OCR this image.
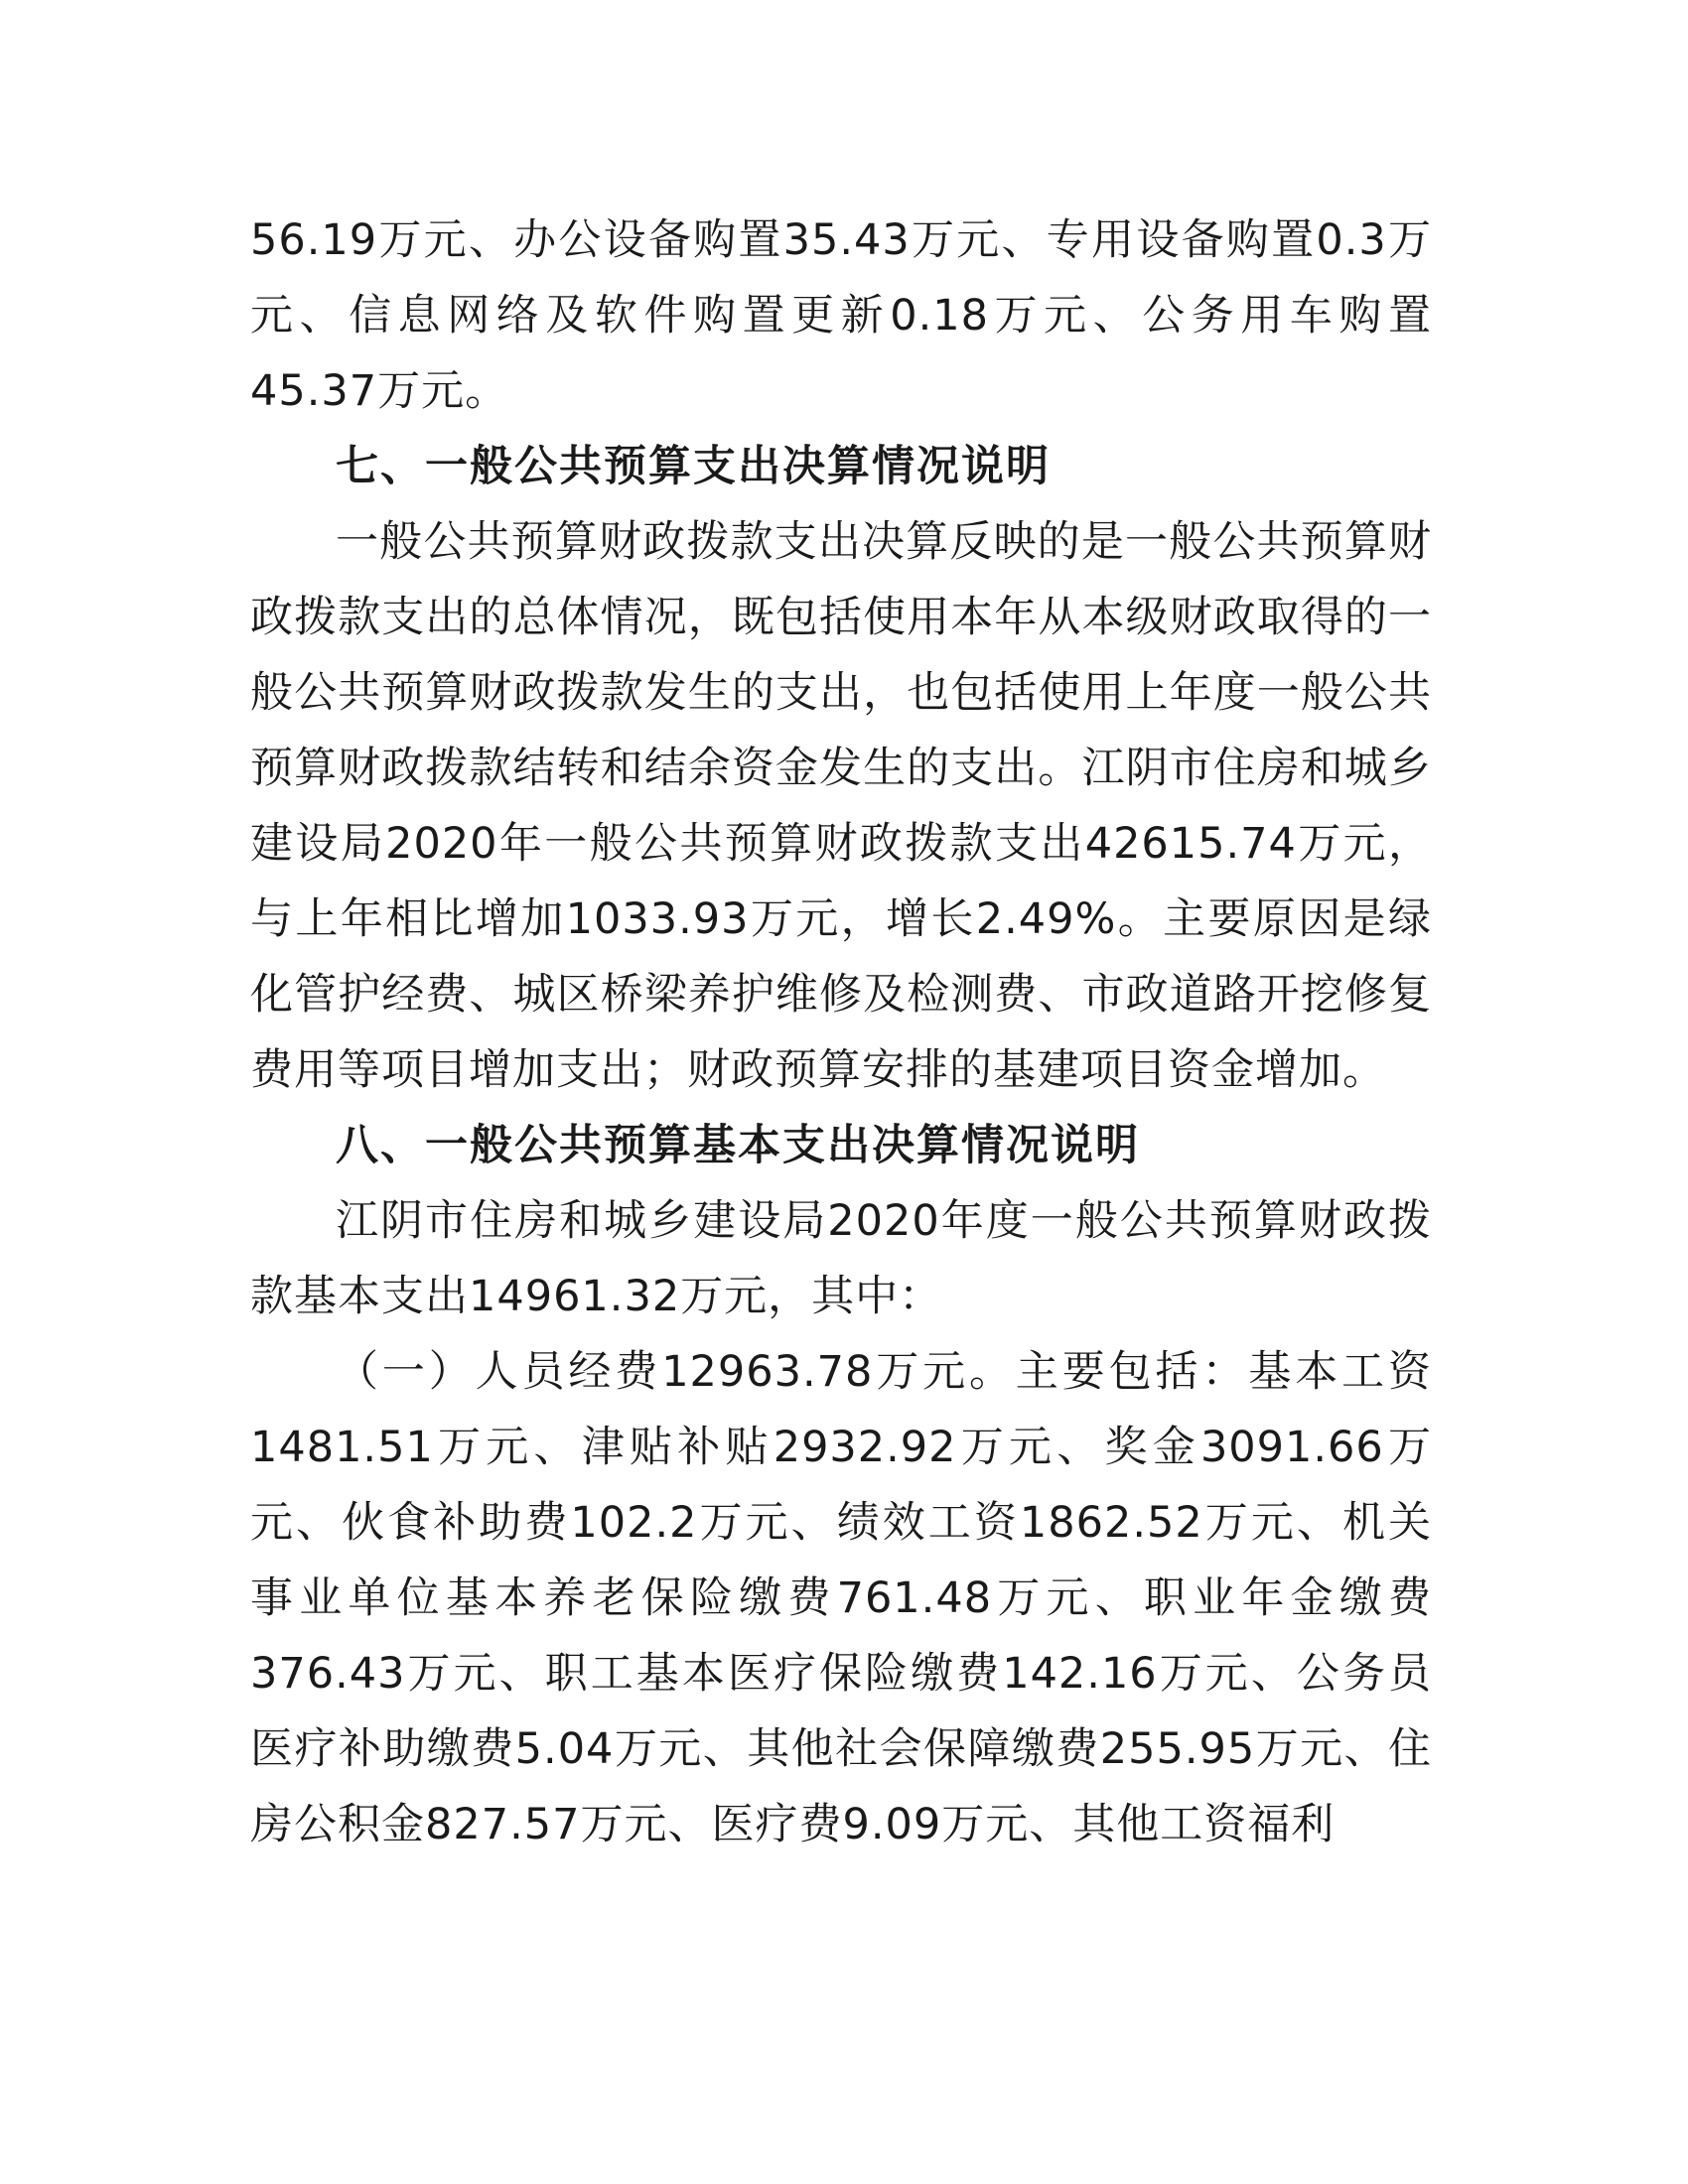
56.19万元、办公设备购置35.43万元、专用设备购置0.3万元、信息网络及软件购置更新0.18万元、公务用车购置45.37万元。

七、一般公共预算支出决算情况说明

一般公共预算财政拨款支出决算反映的是一般公共预算财政拨款支出的总体情况，既包括使用本年从本级财政取得的一般公共预算财政拨款发生的支出，也包括使用上年度一般公共预算财政拨款结转和结余资金发生的支出。江阴市住房和城乡建设局2020年一般公共预算财政拨款支出42615.74万元，与上年相比增加1033.93万元，增长2.49%。主要原因是绿化管护经费、城区桥梁养护维修及检测费、市政道路开挖修复费用等项目增加支出；财政预算安排的基建项目资金增加。

八、一般公共预算基本支出决算情况说明

江阴市住房和城乡建设局2020年度一般公共预算财政拨款基本支出14961.32万元，其中：

（一）人员经费12963.78万元。主要包括：基本工资1481.51万元、津贴补贴2932.92万元、奖金3091.66万元、伙食补助费102.2万元、绩效工资1862.52万元、机关事业单位基本养老保险缴费761.48万元、职业年金缴费376.43万元、职工基本医疗保险缴费142.16万元、公务员医疗补助缴费5.04万元、其他社会保障缴费255.95万元、住房公积金827.57万元、医疗费9.09万元、其他工资福利
